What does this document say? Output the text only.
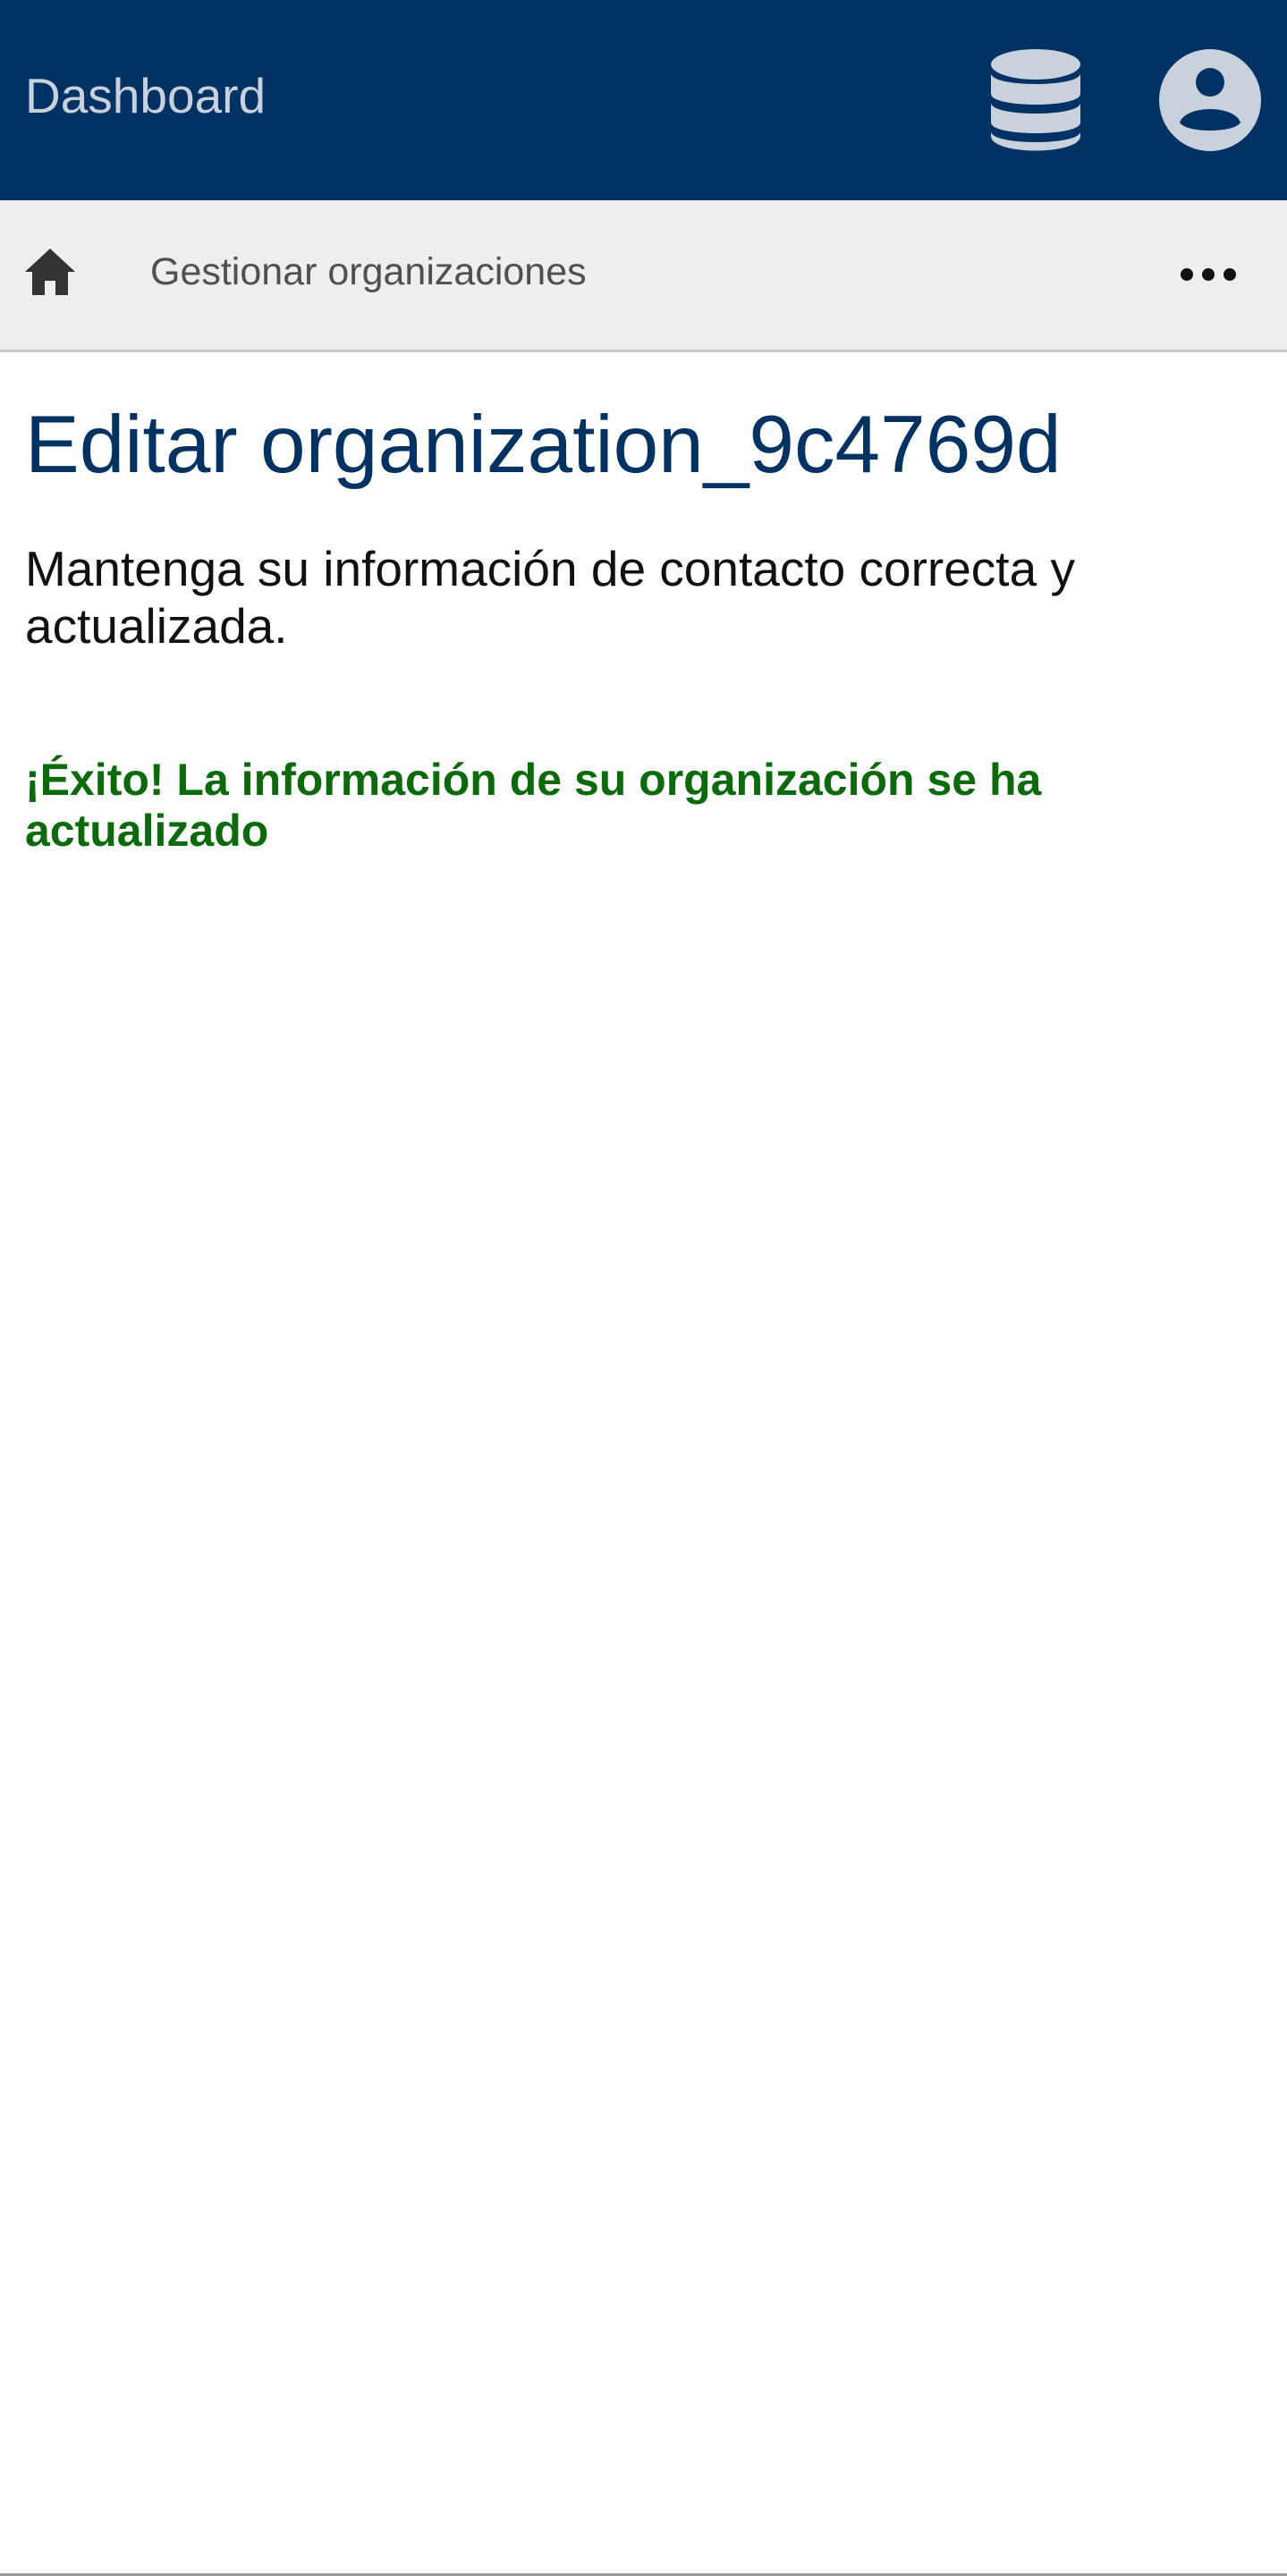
Dashboard
Gestionar organizaciones
Editar organization_9c4769d

Mantenga su información de contacto correcta y actualizada.

¡Éxito! La información de su organización se ha actualizado
